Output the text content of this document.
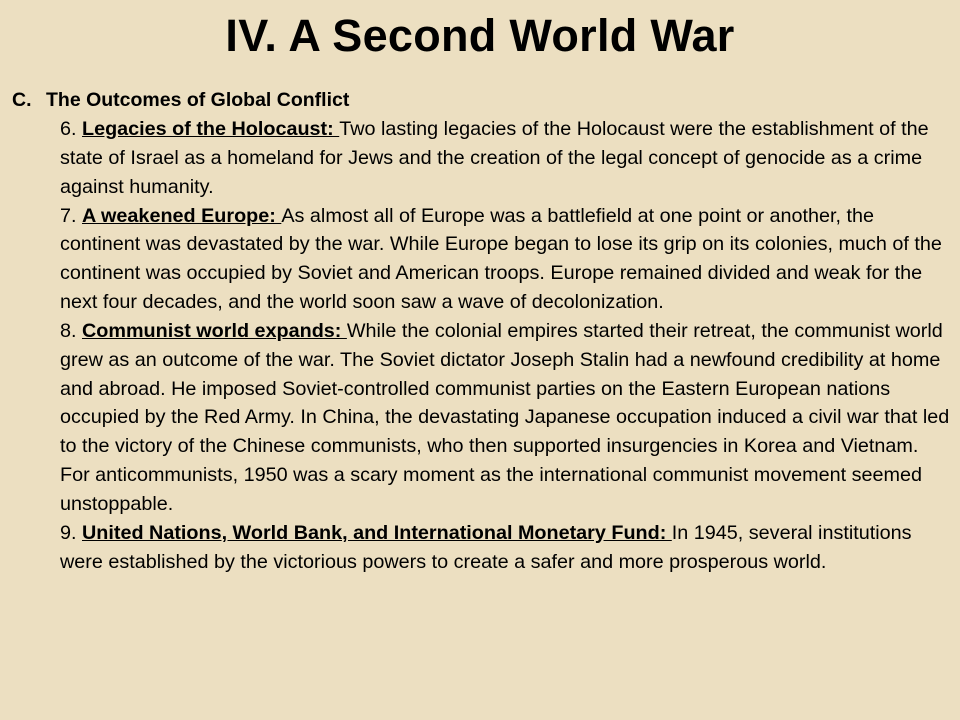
IV. A Second World War
C. The Outcomes of Global Conflict
6. Legacies of the Holocaust: Two lasting legacies of the Holocaust were the establishment of the state of Israel as a homeland for Jews and the creation of the legal concept of genocide as a crime against humanity.
7. A weakened Europe: As almost all of Europe was a battlefield at one point or another, the continent was devastated by the war. While Europe began to lose its grip on its colonies, much of the continent was occupied by Soviet and American troops. Europe remained divided and weak for the next four decades, and the world soon saw a wave of decolonization.
8. Communist world expands: While the colonial empires started their retreat, the communist world grew as an outcome of the war. The Soviet dictator Joseph Stalin had a newfound credibility at home and abroad. He imposed Soviet-controlled communist parties on the Eastern European nations occupied by the Red Army. In China, the devastating Japanese occupation induced a civil war that led to the victory of the Chinese communists, who then supported insurgencies in Korea and Vietnam. For anticommunists, 1950 was a scary moment as the international communist movement seemed unstoppable.
9. United Nations, World Bank, and International Monetary Fund: In 1945, several institutions were established by the victorious powers to create a safer and more prosperous world.
